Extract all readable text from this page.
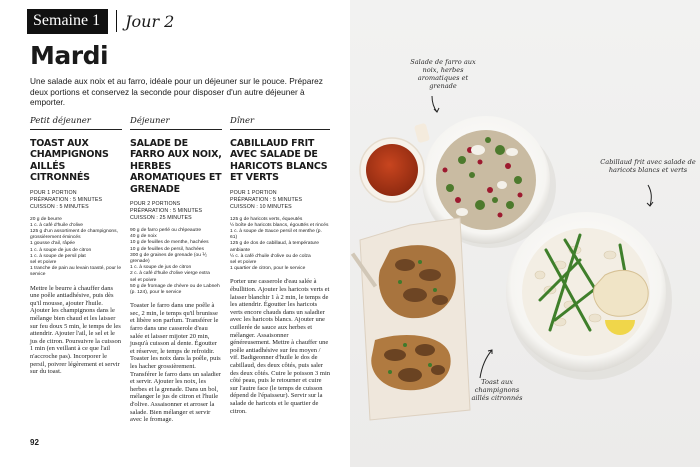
Semaine 1	Jour 2
Mardi
Une salade aux noix et au farro, idéale pour un déjeuner sur le pouce. Préparez deux portions et conservez la seconde pour disposer d'un autre déjeuner à emporter.
Petit déjeuner
TOAST AUX CHAMPIGNONS AILLÉS CITRONNÉS
POUR 1 PORTION
PRÉPARATION : 5 MINUTES
CUISSON : 5 MINUTES
20 g de beurre
1 c. à café d'huile d'olive
125 g d'un assortiment de champignons, grossièrement émincés
1 gousse d'ail, râpée
1 c. à soupe de jus de citron
1 c. à soupe de persil plat
sel et poivre
1 tranche de pain au levain toasté, pour le service
Mettre le beurre à chauffer dans une poêle antiadhésive, puis dès qu'il mousse, ajouter l'huile. Ajouter les champignons dans le mélange bien chaud et les laisser sur feu doux 5 min, le temps de les attendrir. Ajouter l'ail, le sel et le jus de citron. Poursuivre la cuisson 1 min (en veillant à ce que l'ail n'accroche pas). Incorporer le persil, poivrer légèrement et servir sur du toast.
Déjeuner
SALADE DE FARRO AUX NOIX, HERBES AROMATIQUES ET GRENADE
POUR 2 PORTIONS
PRÉPARATION : 5 MINUTES
CUISSON : 25 MINUTES
90 g de farro perlé ou d'épeautre
40 g de noix
10 g de feuilles de menthe, hachées
10 g de feuilles de persil, hachées
300 g de graines de grenade (ou ⅟₂ grenade)
1 c. à soupe de jus de citron
2 c. à café d'huile d'olive vierge extra
sel et poivre
50 g de fromage de chèvre ou de Labneh (p. 124), pour le service
Toaster le farro dans une poêle à sec, 2 min, le temps qu'il brunisse et libère son parfum. Transférer le farro dans une casserole d'eau salée et laisser mijoter 20 min, jusqu'à cuisson al dente. Égoutter et réserver, le temps de refroidir. Toaster les noix dans la poêle, puis les hacher grossièrement. Transférer le farro dans un saladier et servir. Ajouter les noix, les herbes et la grenade. Dans un bol, mélanger le jus de citron et l'huile d'olive. Assaisonner et arroser la salade. Bien mélanger et servir avec le fromage.
Dîner
CABILLAUD FRIT AVEC SALADE DE HARICOTS BLANCS ET VERTS
POUR 1 PORTION
PRÉPARATION : 5 MINUTES
CUISSON : 10 MINUTES
125 g de haricots verts, équeutés
½ boîte de haricots blancs, égouttés et rincés
1 c. à soupe de Sauce persil et menthe (p. 61)
125 g de dos de cabillaud, à température ambiante
½ c. à café d'huile d'olive ou de colza
sel et poivre
1 quartier de citron, pour le service
Porter une casserole d'eau salée à ébullition. Ajouter les haricots verts et laisser blanchir 1 à 2 min, le temps de les attendrir. Égoutter les haricots verts encore chauds dans un saladier avec les haricots blancs. Ajouter une cuillerée de sauce aux herbes et mélanger. Assaisonner généreusement. Mettre à chauffer une poêle antiadhésive sur feu moyen / vif. Badigeonner d'huile le dos de cabillaud, des deux côtés, puis saler des deux côtés. Cuire le poisson 3 min côté peau, puis le retourner et cuire sur l'autre face (le temps de cuisson dépend de l'épaisseur). Servir sur la salade de haricots et le quartier de citron.
92
Salade de farro aux noix, herbes aromatiques et grenade
Cabillaud frit avec salade de haricots blancs et verts
Toast aux champignons aillés citronnés
